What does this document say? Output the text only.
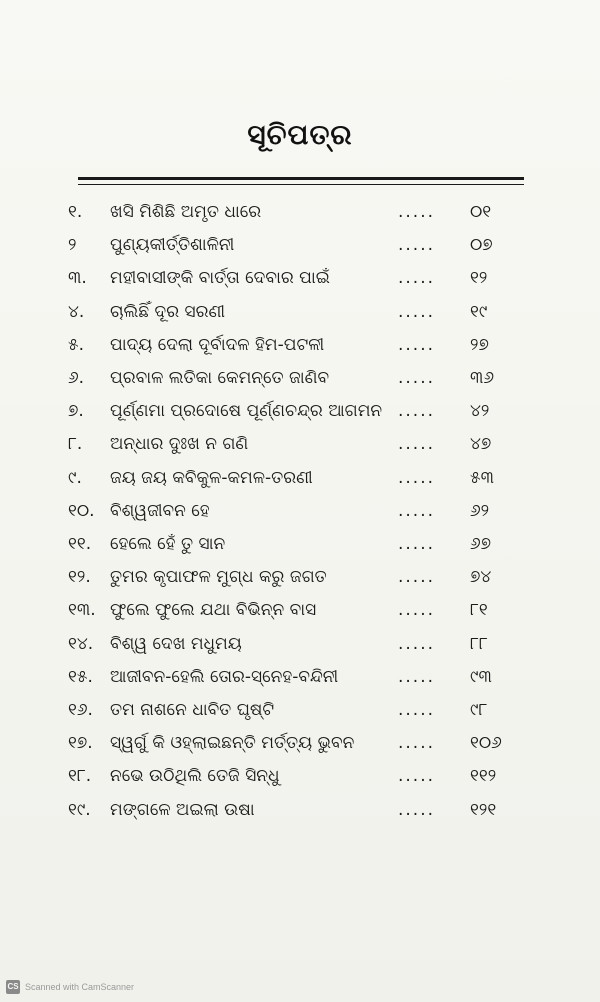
ସୂଚିପତ୍ର
୧.	ଖସି ମିଶିଛି ଅମୃତ ଧାରେ	.....	୦୧
୨	ପୁଣ୍ୟକୀର୍ତ୍ତିଶାଳିନୀ	.....	୦୭
୩.	ମହୀବାସୀଙ୍କି ବାର୍ତ୍ତା ଦେବାର ପାଇଁ	.....	୧୨
୪.	ଚାଲିଛିଁ ଦୂର ସରଣୀ	.....	୧୯
୫.	ପାଦ୍ୟ ଦେଲା ଦୂର୍ବାଦଳ ହିମ-ପଟଳୀ	.....	୨୭
୬.	ପ୍ରବାଳ ଲତିକା କେମନ୍ତେ ଜାଣିବ	.....	୩୬
୭.	ପୂର୍ଣ୍ଣମା ପ୍ରଦୋଷେ ପୂର୍ଣ୍ଣଚନ୍ଦ୍ର ଆଗମନ .....	୪୨
୮.	ଅନ୍ଧାର ଦୁଃଖ ନ ଗଣି	.....	୪୭
୯.	ଜୟ ଜୟ କବିକୁଳ-କମଳ-ତରଣୀ	.....	୫୩
୧୦. ବିଶ୍ୱଜୀବନ ହେ	.....	୬୨
୧୧.	ହେଲେ ହେଁ ତୁ ସାନ	.....	୬୭
୧୨.	ତୁମର କୃପାଫଳ ମୁଗ୍ଧ କରୁ ଜଗତ	.....	୭୪
୧୩. ଫୁଲେ ଫୁଲେ ଯଥା ବିଭିନ୍ନ ବାସ	.....	୮୧
୧୪. ବିଶ୍ୱ ଦେଖ ମଧୁମୟ	.....	୮୮
୧୫.	ଆଜୀବନ-ହେଲି ତୋର-ସ୍ନେହ-ବନ୍ଦିନୀ	.....	୯୩
୧୬.	ତମ ନାଶନେ ଧାବିତ ଘୃଷ୍ଟି	.....	୯୮
୧୭.	ସ୍ୱର୍ଗୁ କି ଓହ୍ଲାଇଛନ୍ତି ମର୍ତ୍ତ୍ୟ ଭୁବନ	.....	୧୦୬
୧୮.	ନଭେ ଉଠିଥିଲି ତେଜି ସିନ୍ଧୁ	.....	୧୧୨
୧୯.	ମଙ୍ଗଳେ ଅଇଲା ଉଷା	.....	୧୨୧
CS Scanned with CamScanner
